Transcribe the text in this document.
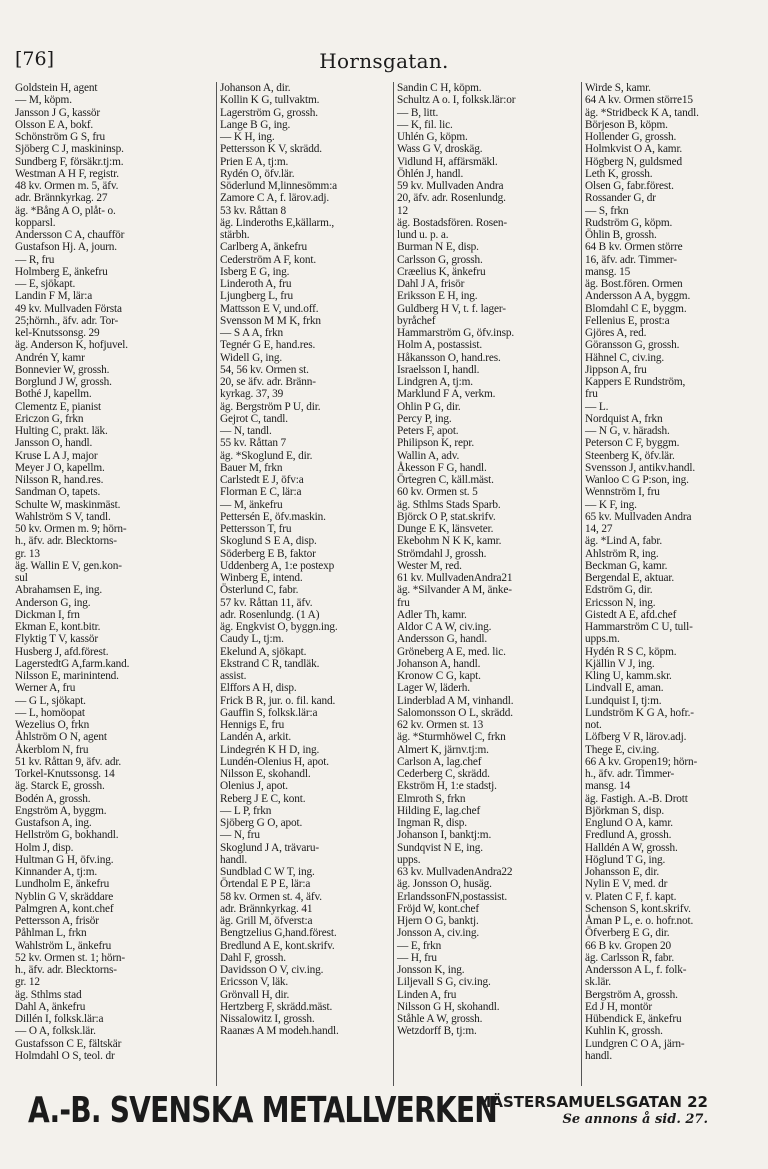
[76]	Hornsgatan.
Goldstein H, agent
— M, köpm.
Jansson J G, kassör
Olsson E A, bokf.
Schönström G S, fru
Sjöberg C J, maskininsp.
Sundberg F, försäkr.tj:m.
Westman A H F, registr.
48 kv. Ormen m. 5, äfv.
adr. Brännkyrkag. 27
äg. *Bång A O, plåt- o.
kopparsl.
Andersson C A, chaufför
Gustafson Hj. A, journ.
— R, fru
Holmberg E, änkefru
— E, sjökapt.
Landin F M, lär:a
49 kv. Mullvaden Första
25;hörnh., äfv. adr. Tor-
kel-Knutssonsg. 29
äg. Anderson K, hofjuvel.
Andrén Y, kamr
Bonnevier W, grossh.
Borglund J W, grossh.
Bothé J, kapellm.
Clementz E, pianist
Ericzon G, frkn
Hulting C, prakt. läk.
Jansson O, handl.
Kruse L A J, major
Meyer J O, kapellm.
Nilsson R, hand.res.
Sandman O, tapets.
Schulte W, maskinmäst.
Wahlström S V, tandl.
50 kv. Ormen m. 9; hörn-
h., äfv. adr. Blecktorns-
gr. 13
äg. Wallin E V, gen.kon-
sul
Abrahamsen E, ing.
Anderson G, ing.
Dickman I, frn
Ekman E, kont.bitr.
Flyktig T V, kassör
Husberg J, afd.förest.
LagerstedtG A,farm.kand.
Nilsson E, marinintend.
Werner A, fru
— G L, sjökapt.
— L, homöopat
Wezelius O, frkn
Åhlström O N, agent
Åkerblom N, fru
51 kv. Råttan 9, äfv. adr.
Torkel-Knutssonsg. 14
äg. Starck E, grossh.
Bodén A, grossh.
Engström A, byggm.
Gustafson A, ing.
Hellström G, bokhandl.
Holm J, disp.
Hultman G H, öfv.ing.
Kinnander A, tj:m.
Lundholm E, änkefru
Nyblin G V, skräddare
Palmgren A, kont.chef
Pettersson A, frisör
Påhlman L, frkn
Wahlström L, änkefru
52 kv. Ormen st. 1; hörn-
h., äfv. adr. Blecktorns-
gr. 12
äg. Sthlms stad
Dahl A, änkefru
Dillén I, folksk.lär:a
— O A, folksk.lär.
Gustafsson C E, fältskär
Holmdahl O S, teol. dr
Johanson A, dir.
Kollin K G, tullvaktm.
Lagerström G, grossh.
Lange B G, ing.
— K H, ing.
Pettersson K V, skrädd.
Prien E A, tj:m.
Rydén O, öfv.lär.
Söderlund M,linnesömm:a
Zamore C A, f. lärov.adj.
53 kv. Råttan 8
äg. Linderoths E,källarm.,
stärbh.
Carlberg A, änkefru
Cederström A F, kont.
Isberg E G, ing.
Linderoth A, fru
Ljungberg L, fru
Mattsson E V, und.off.
Svensson M M K, frkn
— S A A, frkn
Tegnér G E, hand.res.
Widell G, ing.
54, 56 kv. Ormen st.
20, se äfv. adr. Bränn-
kyrkag. 37, 39
äg. Bergström P U, dir.
Gejrot C, tandl.
— N, tandl.
55 kv. Råttan 7
äg. *Skoglund E, dir.
Bauer M, frkn
Carlstedt E J, öfv:a
Florman E C, lär:a
— M, änkefru
Pettersén E, öfv.maskin.
Pettersson T, fru
Skoglund S E A, disp.
Söderberg E B, faktor
Uddenberg A, 1:e postexp
Winberg E, intend.
Österlund C, fabr.
57 kv. Råttan 11, äfv.
adr. Rosenlundg. (1 A)
äg. Engkvist O, byggn.ing.
Caudy L, tj:m.
Ekelund A, sjökapt.
Ekstrand C R, tandläk.
assist.
Elffors A H, disp.
Frick B R, jur. o. fil. kand.
Gauffin S, folksk.lär:a
Hennigs E, fru
Landén A, arkit.
Lindegrén K H D, ing.
Lundén-Olenius H, apot.
Nilsson E, skohandl.
Olenius J, apot.
Reberg J E C, kont.
— L P, frkn
Sjöberg G O, apot.
— N, fru
Skoglund J A, trävaru-
handl.
Sundblad C W T, ing.
Örtendal E P E, lär:a
58 kv. Ormen st. 4, äfv.
adr. Brännkyrkag. 41
äg. Grill M, öfverst:a
Bengtzelius G,hand.förest.
Bredlund A E, kont.skrifv.
Dahl F, grossh.
Davidsson O V, civ.ing.
Ericsson V, läk.
Grönvall H, dir.
Hertzberg F, skrädd.mäst.
Nissalowitz I, grossh.
Raanæs A M modeh.handl.
Sandin C H, köpm.
Schultz A o. I, folksk.lär:or
— B, litt.
— K, fil. lic.
Uhlén G, köpm.
Wass G V, droskäg.
Vidlund H, affärsmäkl.
Öhlén J, handl.
59 kv. Mullvaden Andra
20, äfv. adr. Rosenlundg.
12
äg. Bostadsfören. Rosen-
lund u. p. a.
Burman N E, disp.
Carlsson G, grossh.
Cræelius K, änkefru
Dahl J A, frisör
Eriksson E H, ing.
Guldberg H V, t. f. lager-
byråchef
Hammarström G, öfv.insp.
Holm A, postassist.
Håkansson O, hand.res.
Israelsson I, handl.
Lindgren A, tj:m.
Marklund F A, verkm.
Ohlin P G, dir.
Percy P, ing.
Peters F, apot.
Philipson K, repr.
Wallin A, adv.
Åkesson F G, handl.
Örtegren C, käll.mäst.
60 kv. Ormen st. 5
äg. Sthlms Stads Sparb.
Björck O P, stat.skrifv.
Dunge E K, länsveter.
Ekebohm N K K, kamr.
Strömdahl J, grossh.
Wester M, red.
61 kv. MullvadenAndra21
äg. *Silvander A M, änke-
fru
Adler Th, kamr.
Aldor C A W, civ.ing.
Andersson G, handl.
Gröneberg A E, med. lic.
Johanson A, handl.
Kronow C G, kapt.
Lager W, läderh.
Linderblad A M, vinhandl.
Salomonsson O L, skrädd.
62 kv. Ormen st. 13
äg. *Sturmhöwel C, frkn
Almert K, järnv.tj:m.
Carlson A, lag.chef
Cederberg C, skrädd.
Ekström H, 1:e stadstj.
Elmroth S, frkn
Hilding E, lag.chef
Ingman R, disp.
Johanson I, banktj:m.
Sundqvist N E, ing.
upps.
63 kv. MullvadenAndra22
äg. Jonsson O, husäg.
ErlandssonFN,postassist.
Fröjd W, kont.chef
Hjern O G, banktj.
Jonsson A, civ.ing.
— E, frkn
— H, fru
Jonsson K, ing.
Liljevall S G, civ.ing.
Linden A, fru
Nilsson G H, skohandl.
Ståhle A W, grossh.
Wetzdorff B, tj:m.
Wirde S, kamr.
64 A kv. Ormen större15
äg. *Stridbeck K A, tandl.
Börjeson B, köpm.
Hollender G, grossh.
Holmkvist O A, kamr.
Högberg N, guldsmed
Leth K, grossh.
Olsen G, fabr.förest.
Rossander G, dr
— S, frkn
Rudström G, köpm.
Öhlin B, grossh.
64 B kv. Ormen större
16, äfv. adr. Timmer-
mansg. 15
äg. Bost.fören. Ormen
Andersson A A, byggm.
Blomdahl C E, byggm.
Fellenius E, prost:a
Gjöres A, red.
Göransson G, grossh.
Hähnel C, civ.ing.
Jippson A, fru
Kappers E Rundström,
fru
— L.
Nordquist A, frkn
— N G, v. häradsh.
Peterson C F, byggm.
Steenberg K, öfv.lär.
Svensson J, antikv.handl.
Wanloo C G P:son, ing.
Wennström I, fru
— K F, ing.
65 kv. Mullvaden Andra
14, 27
äg. *Lind A, fabr.
Ahlström R, ing.
Beckman G, kamr.
Bergendal E, aktuar.
Edström G, dir.
Ericsson N, ing.
Gistedt A E, afd.chef
Hammarström C U, tull-
upps.m.
Hydén R S C, köpm.
Kjällin V J, ing.
Kling U, kamm.skr.
Lindvall E, aman.
Lundquist I, tj:m.
Lundström K G A, hofr.-
not.
Löfberg V R, lärov.adj.
Thege E, civ.ing.
66 A kv. Gropen19; hörn-
h., äfv. adr. Timmer-
mansg. 14
äg. Fastigh. A.-B. Drott
Björkman S, disp.
Englund O A, kamr.
Fredlund A, grossh.
Halldén A W, grossh.
Höglund T G, ing.
Johansson E, dir.
Nylin E V, med. dr
v. Platen C F, f. kapt.
Schenson S, kont.skrifv.
Åman P L, e. o. hofr.not.
Öfverberg E G, dir.
66 B kv. Gropen 20
äg. Carlsson R, fabr.
Andersson A L, f. folk-
sk.lär.
Bergström A, grossh.
Ed J H, montör
Hübendick E, änkefru
Kuhlin K, grossh.
Lundgren C O A, järn-
handl.
A.-B. SVENSKA METALLVERKEN
MÄSTERSAMUELSGATAN 22
Se annons å sid. 27.
